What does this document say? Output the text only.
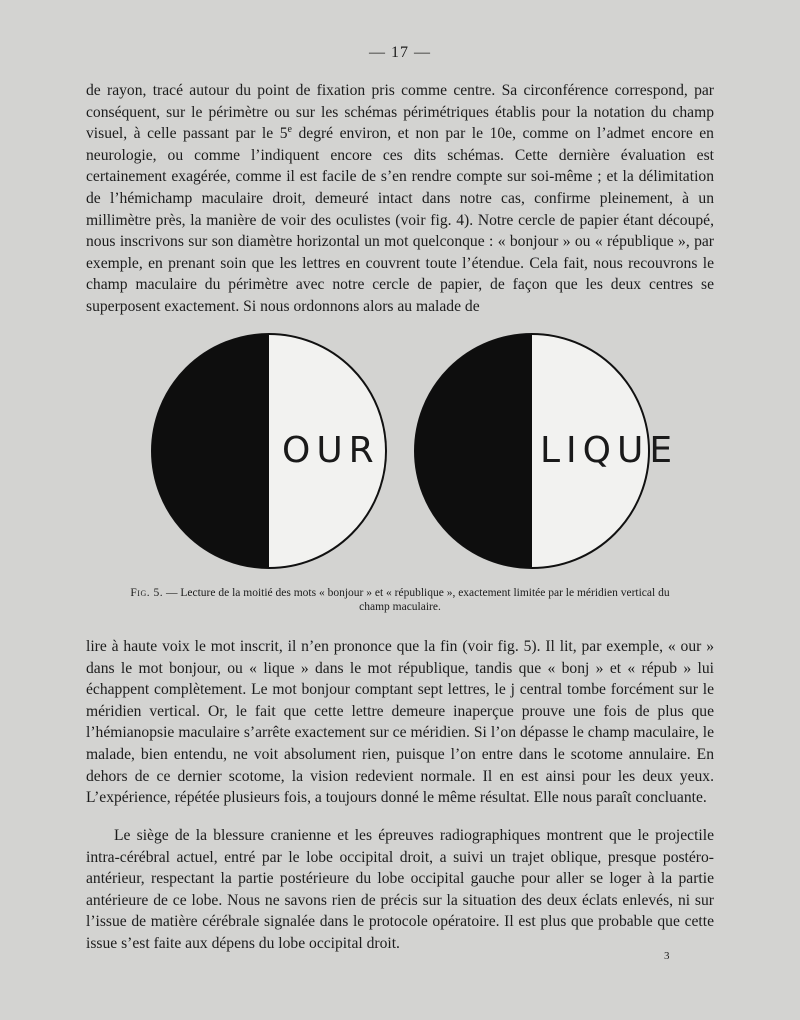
— 17 —

de rayon, tracé autour du point de fixation pris comme centre. Sa circonférence correspond, par conséquent, sur le périmètre ou sur les schémas périmétriques établis pour la notation du champ visuel, à celle passant par le 5e degré environ, et non par le 10e, comme on l’admet encore en neurologie, ou comme l’indiquent encore ces dits schémas. Cette dernière évaluation est certainement exagérée, comme il est facile de s’en rendre compte sur soi-même ; et la délimitation de l’hémichamp maculaire droit, demeuré intact dans notre cas, confirme pleinement, à un millimètre près, la manière de voir des oculistes (voir fig. 4). Notre cercle de papier étant découpé, nous inscrivons sur son diamètre horizontal un mot quelconque : « bonjour » ou « république », par exemple, en prenant soin que les lettres en couvrent toute l’étendue. Cela fait, nous recouvrons le champ maculaire du périmètre avec notre cercle de papier, de façon que les deux centres se superposent exactement. Si nous ordonnons alors au malade de

OUR	LIQUE
Fig. 5. — Lecture de la moitié des mots « bonjour » et « république », exactement limitée par le méridien vertical du champ maculaire.

lire à haute voix le mot inscrit, il n’en prononce que la fin (voir fig. 5). Il lit, par exemple, « our » dans le mot bonjour, ou « lique » dans le mot république, tandis que « bonj » et « répub » lui échappent complètement. Le mot bonjour comptant sept lettres, le j central tombe forcément sur le méridien vertical. Or, le fait que cette lettre demeure inaperçue prouve une fois de plus que l’hémianopsie maculaire s’arrête exactement sur ce méridien. Si l’on dépasse le champ maculaire, le malade, bien entendu, ne voit absolument rien, puisque l’on entre dans le scotome annulaire. En dehors de ce dernier scotome, la vision redevient normale. Il en est ainsi pour les deux yeux. L’expérience, répétée plusieurs fois, a toujours donné le même résultat. Elle nous paraît concluante.

Le siège de la blessure cranienne et les épreuves radiographiques montrent que le projectile intra-cérébral actuel, entré par le lobe occipital droit, a suivi un trajet oblique, presque postéro-antérieur, respectant la partie postérieure du lobe occipital gauche pour aller se loger à la partie antérieure de ce lobe. Nous ne savons rien de précis sur la situation des deux éclats enlevés, ni sur l’issue de matière cérébrale signalée dans le protocole opératoire. Il est plus que probable que cette issue s’est faite aux dépens du lobe occipital droit.

3
